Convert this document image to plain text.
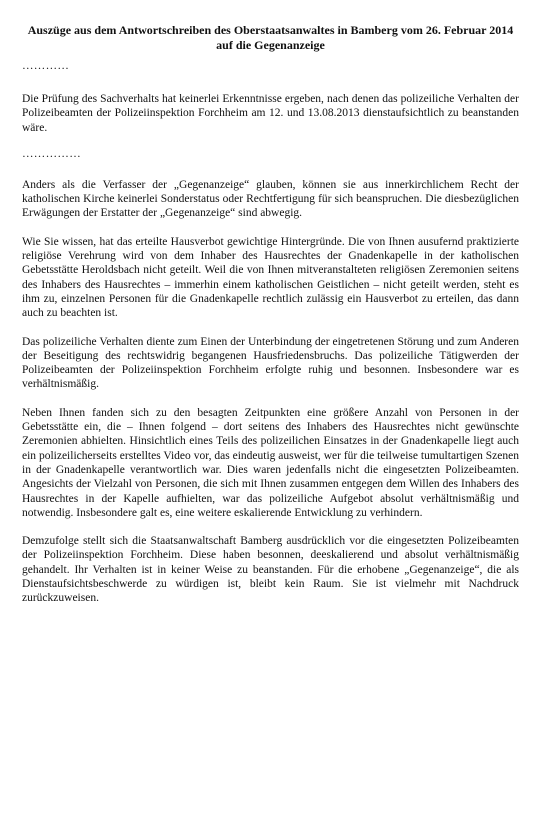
Auszüge aus dem Antwortschreiben des Oberstaatsanwaltes in Bamberg vom 26. Februar 2014 auf die Gegenanzeige

…………

Die Prüfung des Sachverhalts hat keinerlei Erkenntnisse ergeben, nach denen das polizeiliche Verhalten der Polizeibeamten der Polizeiinspektion Forchheim am 12. und 13.08.2013 dienstaufsichtlich zu beanstanden wäre.

……………

Anders als die Verfasser der „Gegenanzeige“ glauben, können sie aus innerkirchlichem Recht der katholischen Kirche keinerlei Sonderstatus oder Rechtfertigung für sich beanspruchen. Die diesbezüglichen Erwägungen der Erstatter der „Gegenanzeige“ sind abwegig.

Wie Sie wissen, hat das erteilte Hausverbot gewichtige Hintergründe. Die von Ihnen ausufernd praktizierte religiöse Verehrung wird von dem Inhaber des Hausrechtes der Gnadenkapelle in der katholischen Gebetsstätte Heroldsbach nicht geteilt. Weil die von Ihnen mitveranstalteten religiösen Zeremonien seitens des Inhabers des Hausrechtes – immerhin einem katholischen Geistlichen – nicht geteilt werden, steht es ihm zu, einzelnen Personen für die Gnadenkapelle rechtlich zulässig ein Hausverbot zu erteilen, das dann auch zu beachten ist.

Das polizeiliche Verhalten diente zum Einen der Unterbindung der eingetretenen Störung und zum Anderen der Beseitigung des rechtswidrig begangenen Hausfriedensbruchs. Das polizeiliche Tätigwerden der Polizeibeamten der Polizeiinspektion Forchheim erfolgte ruhig und besonnen. Insbesondere war es verhältnismäßig.

Neben Ihnen fanden sich zu den besagten Zeitpunkten eine größere Anzahl von Personen in der Gebetsstätte ein, die – Ihnen folgend – dort seitens des Inhabers des Hausrechtes nicht gewünschte Zeremonien abhielten. Hinsichtlich eines Teils des polizeilichen Einsatzes in der Gnadenkapelle liegt auch ein polizeilicherseits erstelltes Video vor, das eindeutig ausweist, wer für die teilweise tumultartigen Szenen in der Gnadenkapelle verantwortlich war. Dies waren jedenfalls nicht die eingesetzten Polizeibeamten. Angesichts der Vielzahl von Personen, die sich mit Ihnen zusammen entgegen dem Willen des Inhabers des Hausrechtes in der Kapelle aufhielten, war das polizeiliche Aufgebot absolut verhältnismäßig und notwendig. Insbesondere galt es, eine weitere eskalierende Entwicklung zu verhindern.

Demzufolge stellt sich die Staatsanwaltschaft Bamberg ausdrücklich vor die eingesetzten Polizeibeamten der Polizeiinspektion Forchheim. Diese haben besonnen, deeskalierend und absolut verhältnismäßig gehandelt. Ihr Verhalten ist in keiner Weise zu beanstanden. Für die erhobene „Gegenanzeige“, die als Dienstaufsichtsbeschwerde zu würdigen ist, bleibt kein Raum. Sie ist vielmehr mit Nachdruck zurückzuweisen.
